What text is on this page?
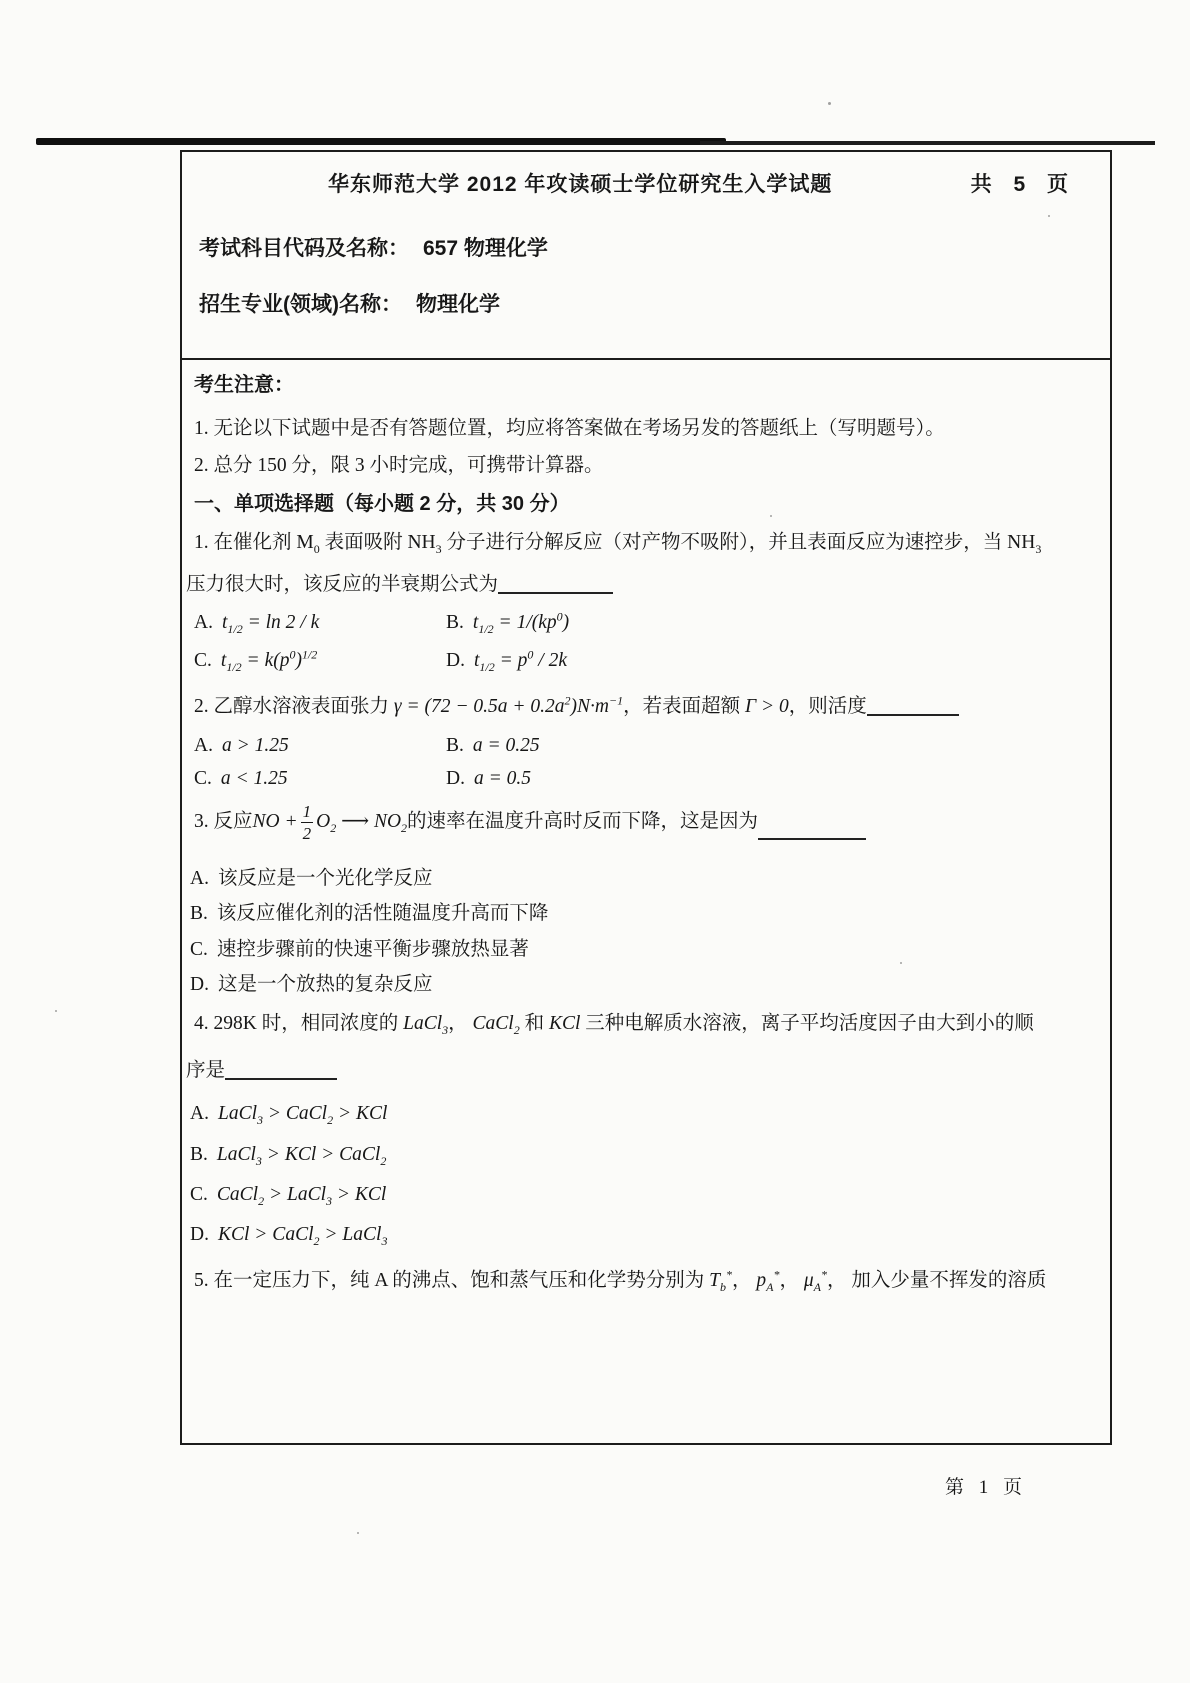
华东师范大学 2012 年攻读硕士学位研究生入学试题	共 5 页
考试科目代码及名称： 657 物理化学
招生专业(领域)名称： 物理化学
考生注意：
1. 无论以下试题中是否有答题位置，均应将答案做在考场另发的答题纸上（写明题号）。
2. 总分 150 分，限 3 小时完成，可携带计算器。
一、单项选择题（每小题 2 分，共 30 分）
1. 在催化剂 $M_0$ 表面吸附 $NH_3$ 分子进行分解反应（对产物不吸附），并且表面反应为速控步，当 $NH_3$
压力很大时，该反应的半衰期公式为
A. $t_{1/2} = \ln 2 / k$	B. $t_{1/2} = 1/(kp^0)$
C. $t_{1/2} = k(p^0)^{1/2}$	D. $t_{1/2} = p^0 / 2k$
2. 乙醇水溶液表面张力 $\gamma = (72 - 0.5a + 0.2a^2)N\cdot m^{-1}$，若表面超额 Γ > 0，则活度
A. a > 1.25	B. a = 0.25
C. a < 1.25	D. a = 0.5
3. 反应 NO + $\frac{1}{2} O_2$ ⟶ $NO_2$ 的速率在温度升高时反而下降，这是因为
A. 该反应是一个光化学反应
B. 该反应催化剂的活性随温度升高而下降
C. 速控步骤前的快速平衡步骤放热显著
D. 这是一个放热的复杂反应
4. 298K 时，相同浓度的 LaCl$_3$， CaCl$_2$ 和 KCl 三种电解质水溶液，离子平均活度因子由大到小的顺
序是
A. LaCl$_3$ > CaCl$_2$ > KCl
B. LaCl$_3$ > KCl > CaCl$_2$
C. CaCl$_2$ > LaCl$_3$ > KCl
D. KCl > CaCl$_2$ > LaCl$_3$
5. 在一定压力下，纯 A 的沸点、饱和蒸气压和化学势分别为 $T_b^*$， $p_A^*$， $\mu_A^*$， 加入少量不挥发的溶质
第 1 页
